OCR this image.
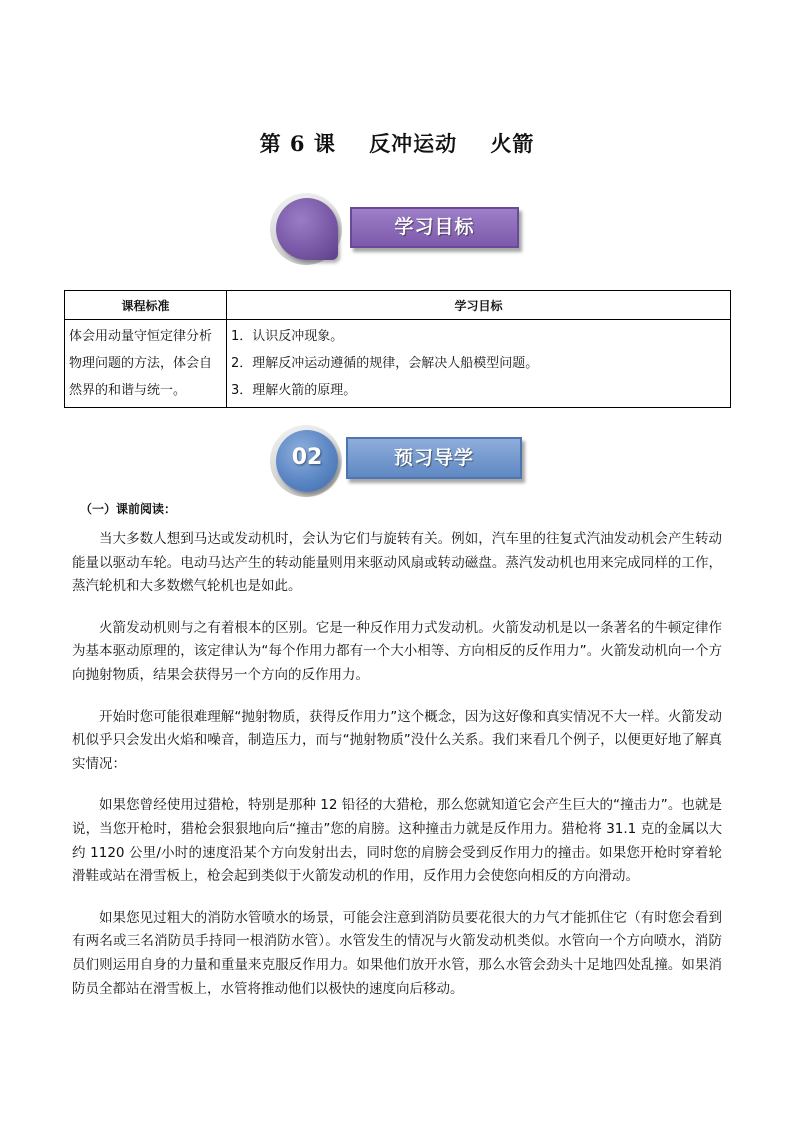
第 6 课    反冲运动    火箭
学习目标
课程标准	学习目标
体会用动量守恒定律分析物理问题的方法，体会自然界的和谐与统一。	1．认识反冲现象。
2．理解反冲运动遵循的规律，会解决人船模型问题。
3．理解火箭的原理。
02	预习导学
（一）课前阅读：

当大多数人想到马达或发动机时，会认为它们与旋转有关。例如，汽车里的往复式汽油发动机会产生转动能量以驱动车轮。电动马达产生的转动能量则用来驱动风扇或转动磁盘。蒸汽发动机也用来完成同样的工作，蒸汽轮机和大多数燃气轮机也是如此。

火箭发动机则与之有着根本的区别。它是一种反作用力式发动机。火箭发动机是以一条著名的牛顿定律作为基本驱动原理的，该定律认为“每个作用力都有一个大小相等、方向相反的反作用力”。火箭发动机向一个方向抛射物质，结果会获得另一个方向的反作用力。

开始时您可能很难理解“抛射物质，获得反作用力”这个概念，因为这好像和真实情况不大一样。火箭发动机似乎只会发出火焰和噪音，制造压力，而与“抛射物质”没什么关系。我们来看几个例子，以便更好地了解真实情况：

如果您曾经使用过猎枪，特别是那种 12 铅径的大猎枪，那么您就知道它会产生巨大的“撞击力”。也就是说，当您开枪时，猎枪会狠狠地向后“撞击”您的肩膀。这种撞击力就是反作用力。猎枪将 31.1 克的金属以大约 1120 公里/小时的速度沿某个方向发射出去，同时您的肩膀会受到反作用力的撞击。如果您开枪时穿着轮滑鞋或站在滑雪板上，枪会起到类似于火箭发动机的作用，反作用力会使您向相反的方向滑动。

如果您见过粗大的消防水管喷水的场景，可能会注意到消防员要花很大的力气才能抓住它（有时您会看到有两名或三名消防员手持同一根消防水管）。水管发生的情况与火箭发动机类似。水管向一个方向喷水，消防员们则运用自身的力量和重量来克服反作用力。如果他们放开水管，那么水管会劲头十足地四处乱撞。如果消防员全都站在滑雪板上，水管将推动他们以极快的速度向后移动。
